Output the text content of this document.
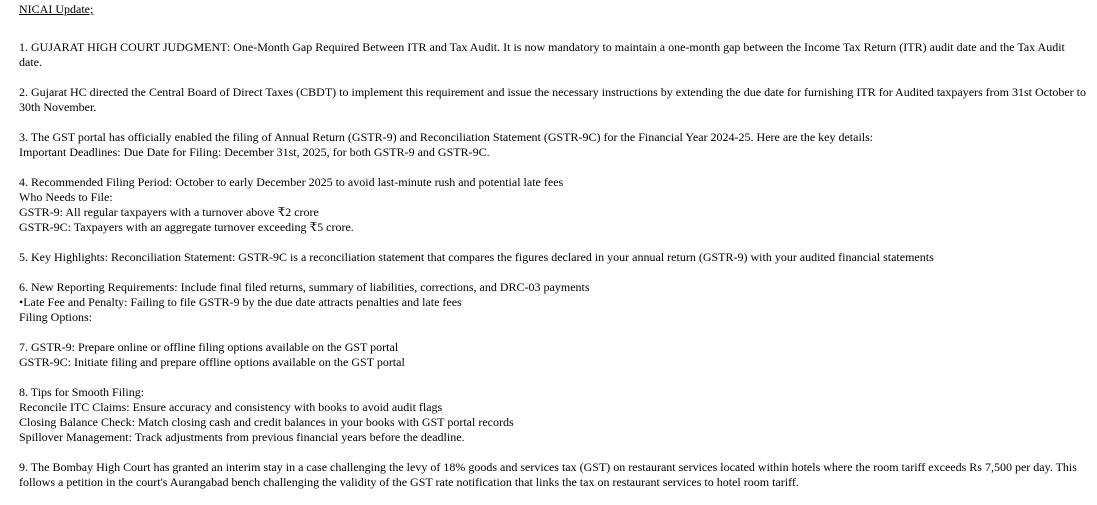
NICAI Update;
1. GUJARAT HIGH COURT JUDGMENT: One-Month Gap Required Between ITR and Tax Audit. It is now mandatory to maintain a one-month gap between the Income Tax Return (ITR) audit date and the Tax Audit date.
2. Gujarat HC directed the Central Board of Direct Taxes (CBDT) to implement this requirement and issue the necessary instructions by extending the due date for furnishing ITR for Audited taxpayers from 31st October to 30th November.
3. The GST portal has officially enabled the filing of Annual Return (GSTR-9) and Reconciliation Statement (GSTR-9C) for the Financial Year 2024-25. Here are the key details:
Important Deadlines: Due Date for Filing: December 31st, 2025, for both GSTR-9 and GSTR-9C.
4. Recommended Filing Period: October to early December 2025 to avoid last-minute rush and potential late fees
Who Needs to File:
GSTR-9: All regular taxpayers with a turnover above ₹2 crore
GSTR-9C: Taxpayers with an aggregate turnover exceeding ₹5 crore.
5. Key Highlights: Reconciliation Statement: GSTR-9C is a reconciliation statement that compares the figures declared in your annual return (GSTR-9) with your audited financial statements
6. New Reporting Requirements: Include final filed returns, summary of liabilities, corrections, and DRC-03 payments
•Late Fee and Penalty: Failing to file GSTR-9 by the due date attracts penalties and late fees
Filing Options:
7. GSTR-9: Prepare online or offline filing options available on the GST portal
GSTR-9C: Initiate filing and prepare offline options available on the GST portal
8. Tips for Smooth Filing:
Reconcile ITC Claims: Ensure accuracy and consistency with books to avoid audit flags
Closing Balance Check: Match closing cash and credit balances in your books with GST portal records
Spillover Management: Track adjustments from previous financial years before the deadline.
9. The Bombay High Court has granted an interim stay in a case challenging the levy of 18% goods and services tax (GST) on restaurant services located within hotels where the room tariff exceeds Rs 7,500 per day. This follows a petition in the court's Aurangabad bench challenging the validity of the GST rate notification that links the tax on restaurant services to hotel room tariff.
